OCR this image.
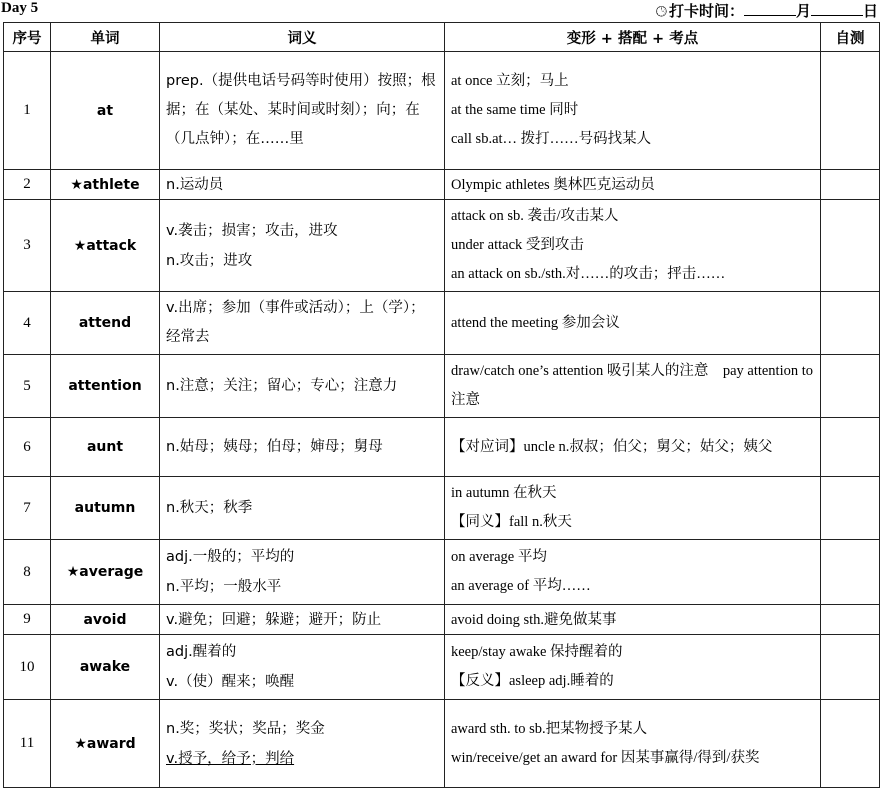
Day 5	🕒︎ 打卡时间：	月	日
序号	单词	词义	变形 + 搭配 + 考点	自测
1	at	prep.（提供电话号码等时使用）按照；根据；在（某处、某时间或时刻）；向；在（几点钟）；在……里	at once 立刻；马上
at the same time 同时
call sb.at… 拨打……号码找某人	

2	★athlete	n.运动员	Olympic athletes 奥林匹克运动员	

3	★attack	v.袭击；损害；攻击，进攻
n.攻击；进攻	attack on sb. 袭击/攻击某人
under attack 受到攻击
an attack on sb./sth.对……的攻击；抨击……	

4	attend	v.出席；参加（事件或活动）；上（学）；经常去	attend the meeting 参加会议	

5	attention	n.注意；关注；留心；专心；注意力	draw/catch one’s attention 吸引某人的注意　pay attention to 注意	
6	aunt	n.姑母；姨母；伯母；婶母；舅母	【对应词】uncle n.叔叔；伯父；舅父；姑父；姨父	
7	autumn	n.秋天；秋季	in autumn 在秋天
【同义】fall n.秋天	

8	★average	adj.一般的；平均的
n.平均；一般水平	on average 平均
an average of 平均……	

9	avoid	v.避免；回避；躲避；避开；防止	avoid doing sth.避免做某事	

10	awake	adj.醒着的
v.（使）醒来；唤醒	keep/stay awake 保持醒着的
【反义】asleep adj.睡着的	

11	★award	n.奖；奖状；奖品；奖金
v.授予，给予；判给	award sth. to sb.把某物授予某人
win/receive/get an award for 因某事赢得/得到/获奖	
